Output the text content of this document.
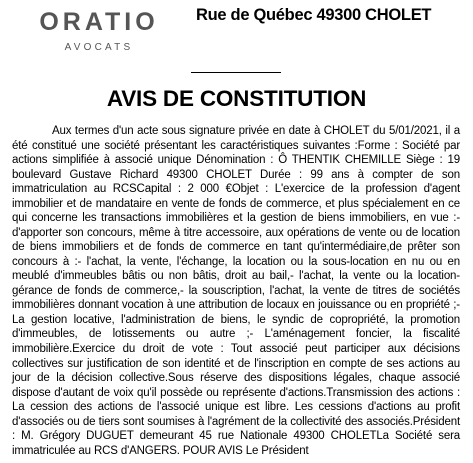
ORATIO
AVOCATS
Rue de Québec 49300 CHOLET
AVIS DE CONSTITUTION

Aux termes d'un acte sous signature privée en date à CHOLET du 5/01/2021, il a été constitué une société présentant les caractéristiques suivantes :Forme : Société par actions simplifiée à associé unique Dénomination : Ô THENTIK CHEMILLE Siège : 19 boulevard Gustave Richard 49300 CHOLET Durée : 99 ans à compter de son immatriculation au RCSCapital : 2 000 €Objet : L'exercice de la profession d'agent immobilier et de mandataire en vente de fonds de commerce, et plus spécialement en ce qui concerne les transactions immobilières et la gestion de biens immobiliers, en vue :- d'apporter son concours, même à titre accessoire, aux opérations de vente ou de location de biens immobiliers et de fonds de commerce en tant qu'intermédiaire,de prêter son concours à :- l'achat, la vente, l'échange, la location ou la sous-location en nu ou en meublé d'immeubles bâtis ou non bâtis, droit au bail,- l'achat, la vente ou la location-gérance de fonds de commerce,- la souscription, l'achat, la vente de titres de sociétés immobilières donnant vocation à une attribution de locaux en jouissance ou en propriété ;- La gestion locative, l'administration de biens, le syndic de copropriété, la promotion d'immeubles, de lotissements ou autre ;- L'aménagement foncier, la fiscalité immobilière.Exercice du droit de vote : Tout associé peut participer aux décisions collectives sur justification de son identité et de l'inscription en compte de ses actions au jour de la décision collective.Sous réserve des dispositions légales, chaque associé dispose d'autant de voix qu'il possède ou représente d'actions.Transmission des actions : La cession des actions de l'associé unique est libre. Les cessions d'actions au profit d'associés ou de tiers sont soumises à l'agrément de la collectivité des associés.Président : M. Grégory DUGUET demeurant 45 rue Nationale 49300 CHOLETLa Société sera immatriculée au RCS d'ANGERS. POUR AVIS Le Président
